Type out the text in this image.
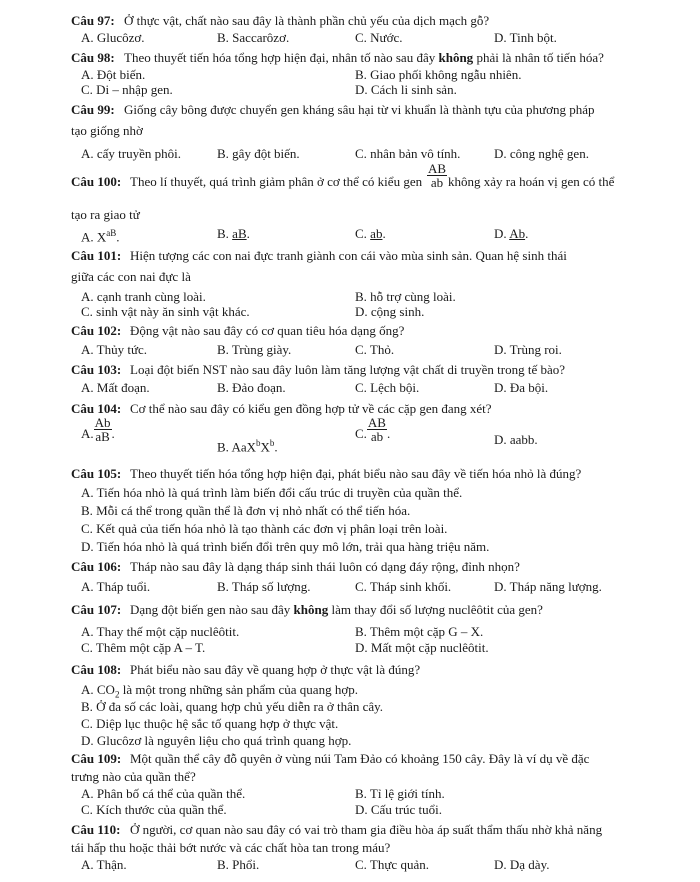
Câu 97: Ở thực vật, chất nào sau đây là thành phần chủ yếu của dịch mạch gỗ?
A. Glucôzơ.	B. Saccarôzơ.	C. Nước.	D. Tinh bột.
Câu 98: Theo thuyết tiến hóa tổng hợp hiện đại, nhân tố nào sau đây không phải là nhân tố tiến hóa?
A. Đột biến.	B. Giao phối không ngẫu nhiên.
C. Di – nhập gen.	D. Cách li sinh sản.
Câu 99: Giống cây bông được chuyển gen kháng sâu hại từ vi khuẩn là thành tựu của phương pháp
tạo giống nhờ
A. cấy truyền phôi.	B. gây đột biến.	C. nhân bản vô tính.	D. công nghệ gen.
Câu 100: Theo lí thuyết, quá trình giảm phân ở cơ thể có kiểu gen $\frac{AB}{ab}$ không xảy ra hoán vị gen có thể
tạo ra giao tử
A. $X^{aB}$.	B. aB.	C. ab.	D. Ab.
Câu 101: Hiện tượng các con nai đực tranh giành con cái vào mùa sinh sản. Quan hệ sinh thái
giữa các con nai đực là
A. cạnh tranh cùng loài.	B. hỗ trợ cùng loài.
C. sinh vật này ăn sinh vật khác.	D. cộng sinh.
Câu 102: Động vật nào sau đây có cơ quan tiêu hóa dạng ống?
A. Thủy tức.	B. Trùng giày.	C. Thỏ.	D. Trùng roi.
Câu 103: Loại đột biến NST nào sau đây luôn làm tăng lượng vật chất di truyền trong tế bào?
A. Mất đoạn.	B. Đảo đoạn.	C. Lệch bội.	D. Đa bội.
Câu 104: Cơ thể nào sau đây có kiểu gen đồng hợp tử về các cặp gen đang xét?
A. $\frac{Ab}{aB}$ .
B. $AaX^bX^b$.
C. $\frac{AB}{ab}$ .	D. aabb.
Câu 105: Theo thuyết tiến hóa tổng hợp hiện đại, phát biểu nào sau đây về tiến hóa nhỏ là đúng?
A. Tiến hóa nhỏ là quá trình làm biến đổi cấu trúc di truyền của quần thể.
B. Mỗi cá thể trong quần thể là đơn vị nhỏ nhất có thể tiến hóa.
C. Kết quả của tiến hóa nhỏ là tạo thành các đơn vị phân loại trên loài.
D. Tiến hóa nhỏ là quá trình biến đổi trên quy mô lớn, trải qua hàng triệu năm.
Câu 106: Tháp nào sau đây là dạng tháp sinh thái luôn có dạng đáy rộng, đỉnh nhọn?
A. Tháp tuổi.	B. Tháp số lượng.	C. Tháp sinh khối.	D. Tháp năng lượng.
Câu 107: Dạng đột biến gen nào sau đây không làm thay đổi số lượng nuclêôtit của gen?
A. Thay thế một cặp nuclêôtit.	B. Thêm một cặp G – X.
C. Thêm một cặp A – T.	D. Mất một cặp nuclêôtit.
Câu 108: Phát biểu nào sau đây về quang hợp ở thực vật là đúng?
A. $CO_2$ là một trong những sản phẩm của quang hợp.
B. Ở đa số các loài, quang hợp chủ yếu diễn ra ở thân cây.
C. Diệp lục thuộc hệ sắc tố quang hợp ở thực vật.
D. Glucôzơ là nguyên liệu cho quá trình quang hợp.
Câu 109: Một quần thể cây đỗ quyên ở vùng núi Tam Đảo có khoảng 150 cây. Đây là ví dụ về đặc
trưng nào của quần thể?
A. Phân bố cá thể của quần thể.	B. Tỉ lệ giới tính.
C. Kích thước của quần thể.	D. Cấu trúc tuổi.
Câu 110: Ở người, cơ quan nào sau đây có vai trò tham gia điều hòa áp suất thẩm thấu nhờ khả năng
tái hấp thu hoặc thải bớt nước và các chất hòa tan trong máu?
A. Thận.	B. Phổi.	C. Thực quản.	D. Dạ dày.
